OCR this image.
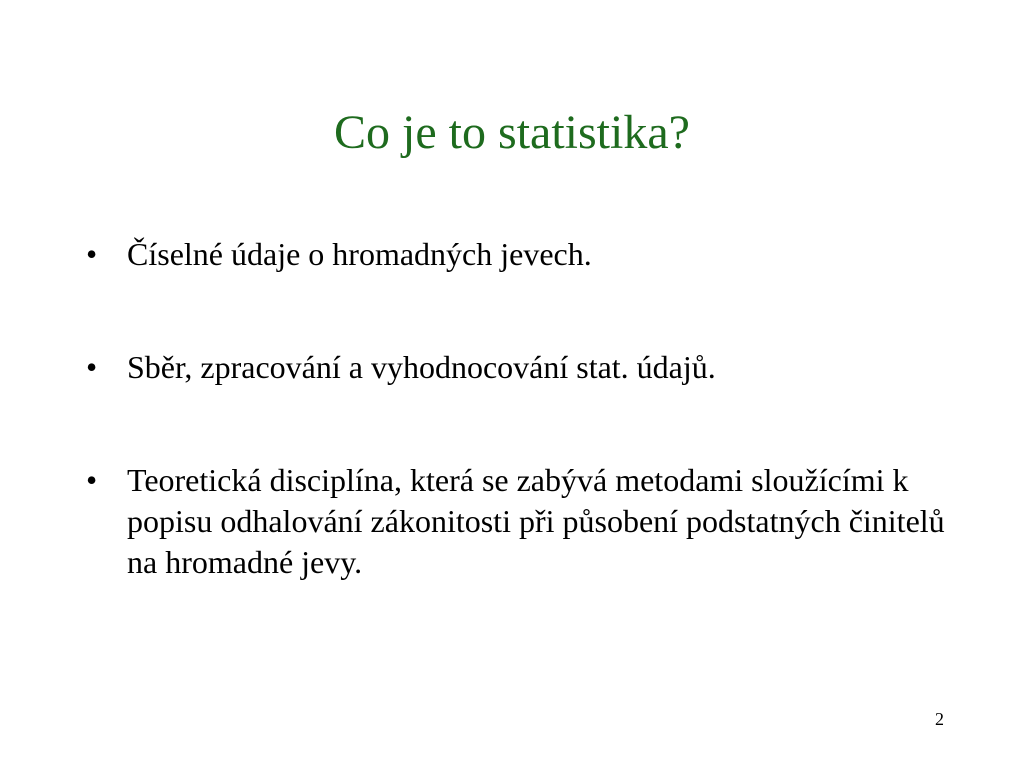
Co je to statistika?
• Číselné údaje o hromadných jevech.
• Sběr, zpracování a vyhodnocování stat. údajů.
• Teoretická disciplína, která se zabývá metodami sloužícími k popisu odhalování zákonitosti při působení podstatných činitelů na hromadné jevy.
2
